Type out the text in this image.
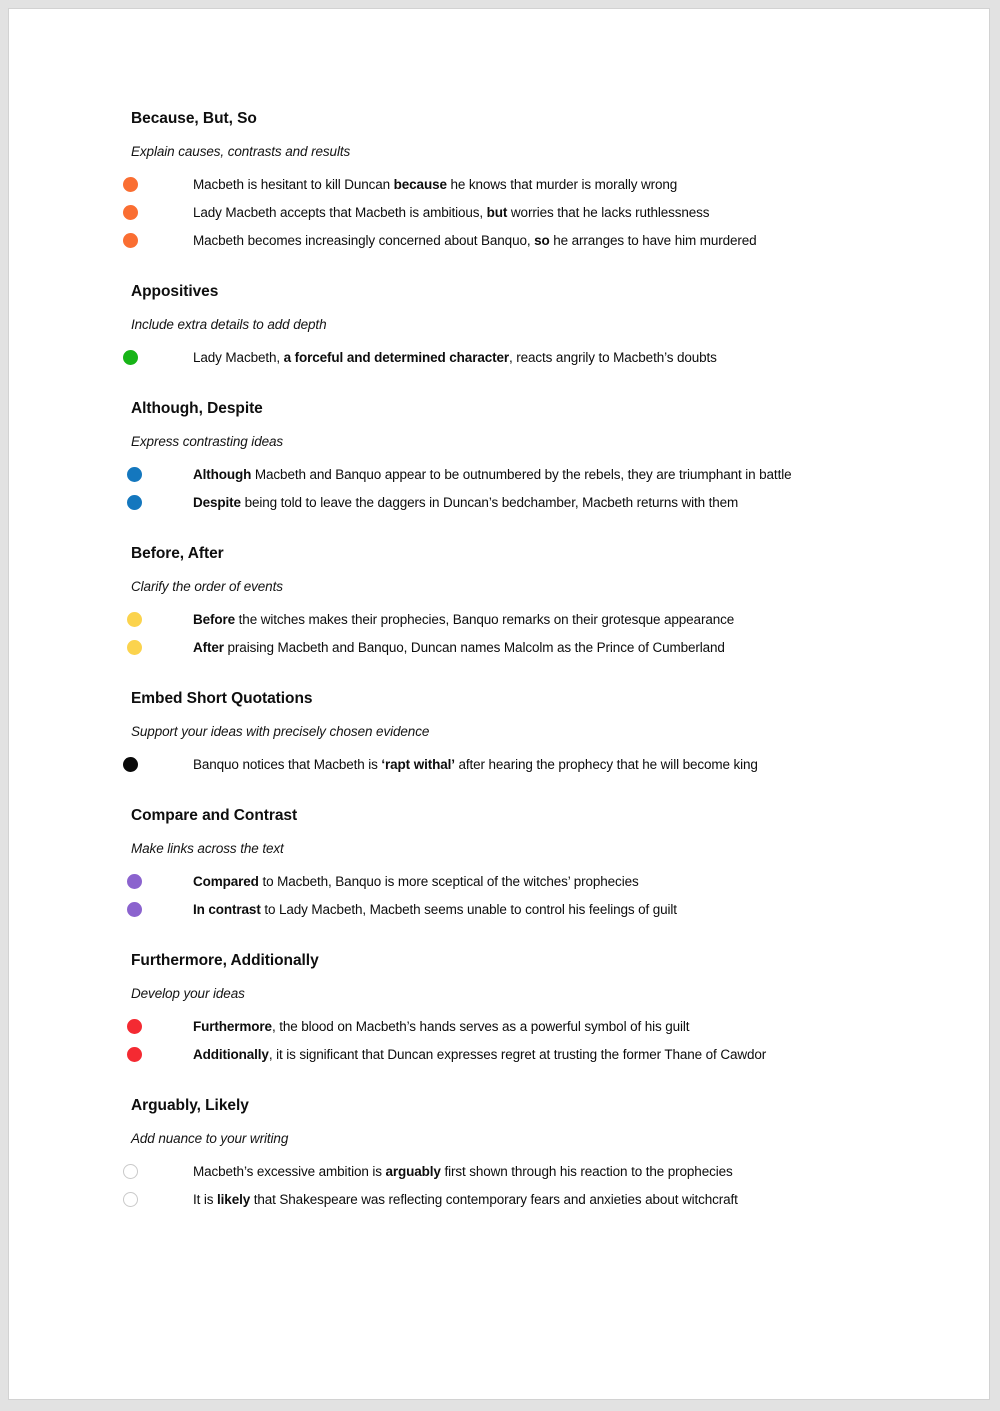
Because, But, So
Explain causes, contrasts and results
Macbeth is hesitant to kill Duncan because he knows that murder is morally wrong
Lady Macbeth accepts that Macbeth is ambitious, but worries that he lacks ruthlessness
Macbeth becomes increasingly concerned about Banquo, so he arranges to have him murdered
Appositives
Include extra details to add depth
Lady Macbeth, a forceful and determined character, reacts angrily to Macbeth’s doubts
Although, Despite
Express contrasting ideas
Although Macbeth and Banquo appear to be outnumbered by the rebels, they are triumphant in battle
Despite being told to leave the daggers in Duncan’s bedchamber, Macbeth returns with them
Before, After
Clarify the order of events
Before the witches makes their prophecies, Banquo remarks on their grotesque appearance
After praising Macbeth and Banquo, Duncan names Malcolm as the Prince of Cumberland
Embed Short Quotations
Support your ideas with precisely chosen evidence
Banquo notices that Macbeth is ‘rapt withal’ after hearing the prophecy that he will become king
Compare and Contrast
Make links across the text
Compared to Macbeth, Banquo is more sceptical of the witches’ prophecies
In contrast to Lady Macbeth, Macbeth seems unable to control his feelings of guilt
Furthermore, Additionally
Develop your ideas
Furthermore, the blood on Macbeth’s hands serves as a powerful symbol of his guilt
Additionally, it is significant that Duncan expresses regret at trusting the former Thane of Cawdor
Arguably, Likely
Add nuance to your writing
Macbeth’s excessive ambition is arguably first shown through his reaction to the prophecies
It is likely that Shakespeare was reflecting contemporary fears and anxieties about witchcraft
